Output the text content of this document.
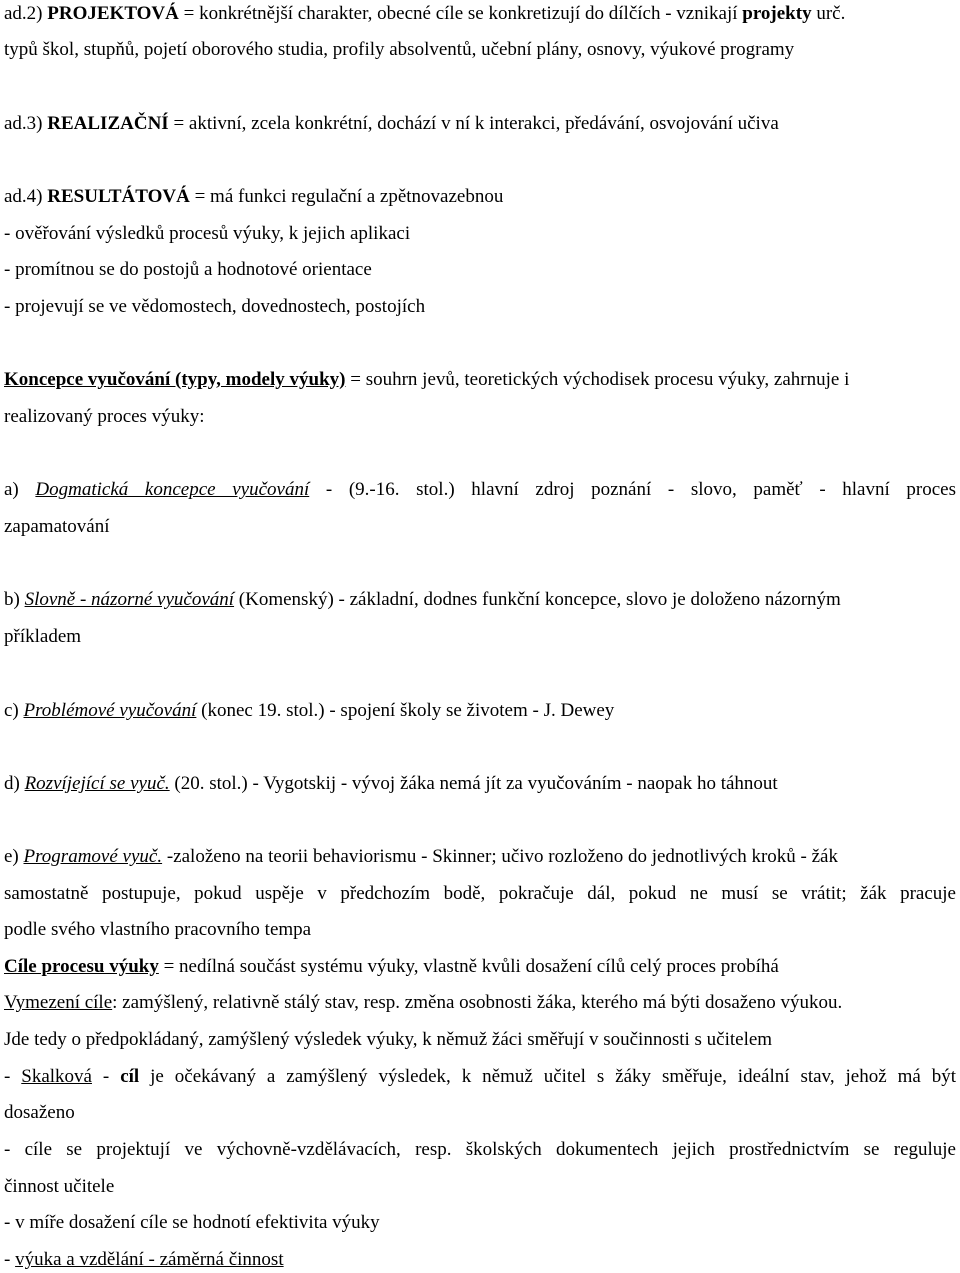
ad.2) PROJEKTOVÁ = konkrétnější charakter, obecné cíle se konkretizují do dílčích - vznikají projekty urč.
typů škol, stupňů, pojetí oborového studia, profily absolventů, učební plány, osnovy, výukové programy
ad.3) REALIZAČNÍ = aktivní, zcela konkrétní, dochází v ní k interakci, předávání, osvojování učiva
ad.4) RESULTÁTOVÁ = má funkci regulační a zpětnovazebnou
- ověřování výsledků procesů výuky, k jejich aplikaci
- promítnou se do postojů a hodnotové orientace
- projevují se ve vědomostech, dovednostech, postojích
Koncepce vyučování (typy, modely výuky) = souhrn jevů, teoretických východisek procesu výuky, zahrnuje i
realizovaný proces výuky:
a) Dogmatická koncepce vyučování - (9.-16. stol.) hlavní zdroj poznání - slovo, paměť - hlavní proces
zapamatování
b) Slovně - názorné vyučování (Komenský) - základní, dodnes funkční koncepce, slovo je doloženo názorným
příkladem
c) Problémové vyučování (konec 19. stol.) - spojení školy se životem - J. Dewey
d) Rozvíjející se vyuč. (20. stol.) - Vygotskij - vývoj žáka nemá jít za vyučováním - naopak ho táhnout
e) Programové vyuč. -založeno na teorii behaviorismu - Skinner; učivo rozloženo do jednotlivých kroků - žák
samostatně postupuje, pokud uspěje v předchozím bodě, pokračuje dál, pokud ne musí se vrátit; žák pracuje
podle svého vlastního pracovního tempa
Cíle procesu výuky = nedílná součást systému výuky, vlastně kvůli dosažení cílů celý proces probíhá
Vymezení cíle: zamýšlený, relativně stálý stav, resp. změna osobnosti žáka, kterého má býti dosaženo výukou.
Jde tedy o předpokládaný, zamýšlený výsledek výuky, k němuž žáci směřují v součinnosti s učitelem
- Skalková - cíl je očekávaný a zamýšlený výsledek, k němuž učitel s žáky směřuje, ideální stav, jehož má být
dosaženo
- cíle se projektují ve výchovně-vzdělávacích, resp. školských dokumentech jejich prostřednictvím se reguluje
činnost učitele
- v míře dosažení cíle se hodnotí efektivita výuky
- výuka a vzdělání - záměrná činnost
